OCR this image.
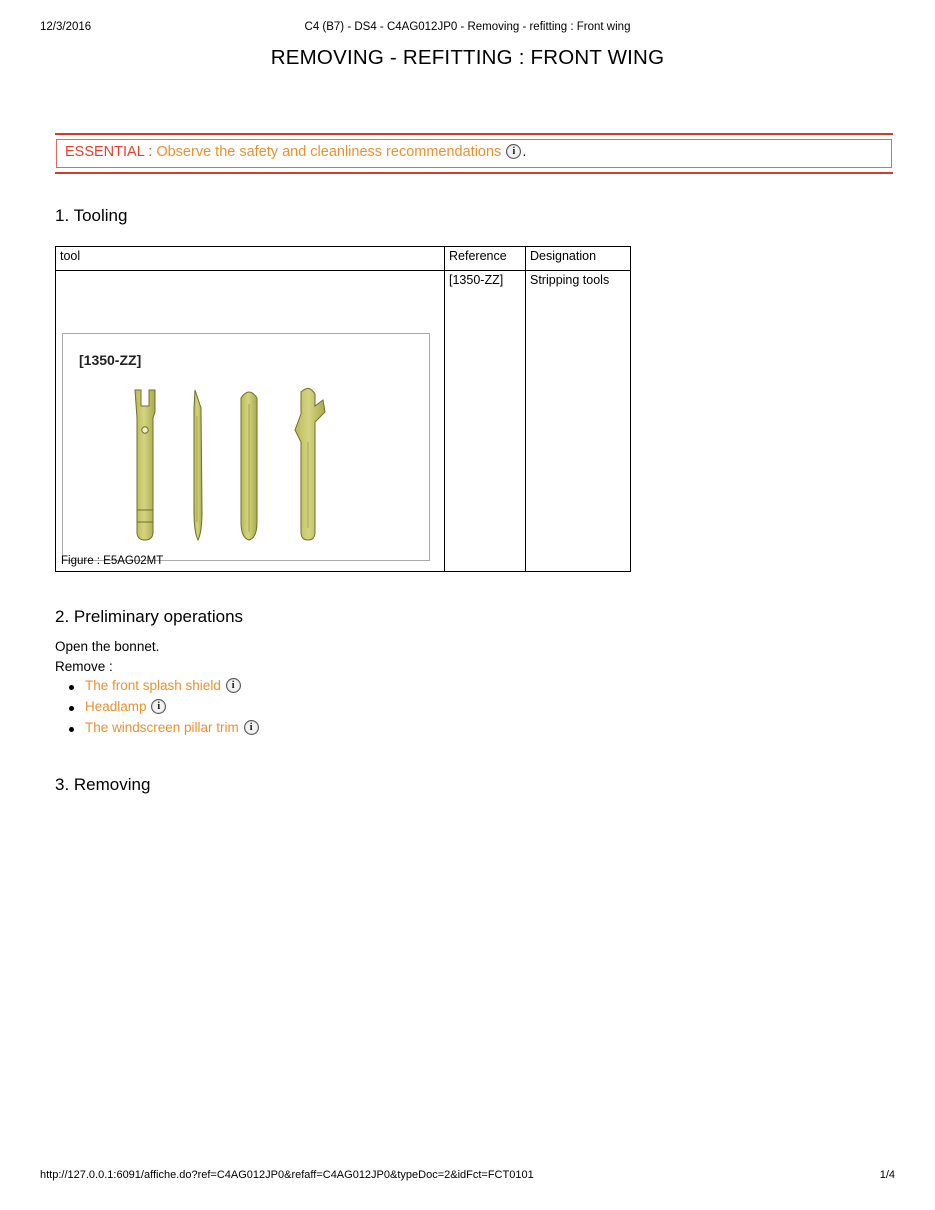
12/3/2016	C4 (B7) - DS4 - C4AG012JP0 - Removing - refitting : Front wing
REMOVING - REFITTING : FRONT WING
ESSENTIAL : Observe the safety and cleanliness recommendations i .
1. Tooling
tool	Reference	Designation

[1350-ZZ]
Figure : E5AG02MT	[1350-ZZ]	Stripping tools
2. Preliminary operations
Open the bonnet.
Remove :
The front splash shield i
Headlamp i
The windscreen pillar trim i
3. Removing
http://127.0.0.1:6091/affiche.do?ref=C4AG012JP0&refaff=C4AG012JP0&typeDoc=2&idFct=FCT0101	1/4
